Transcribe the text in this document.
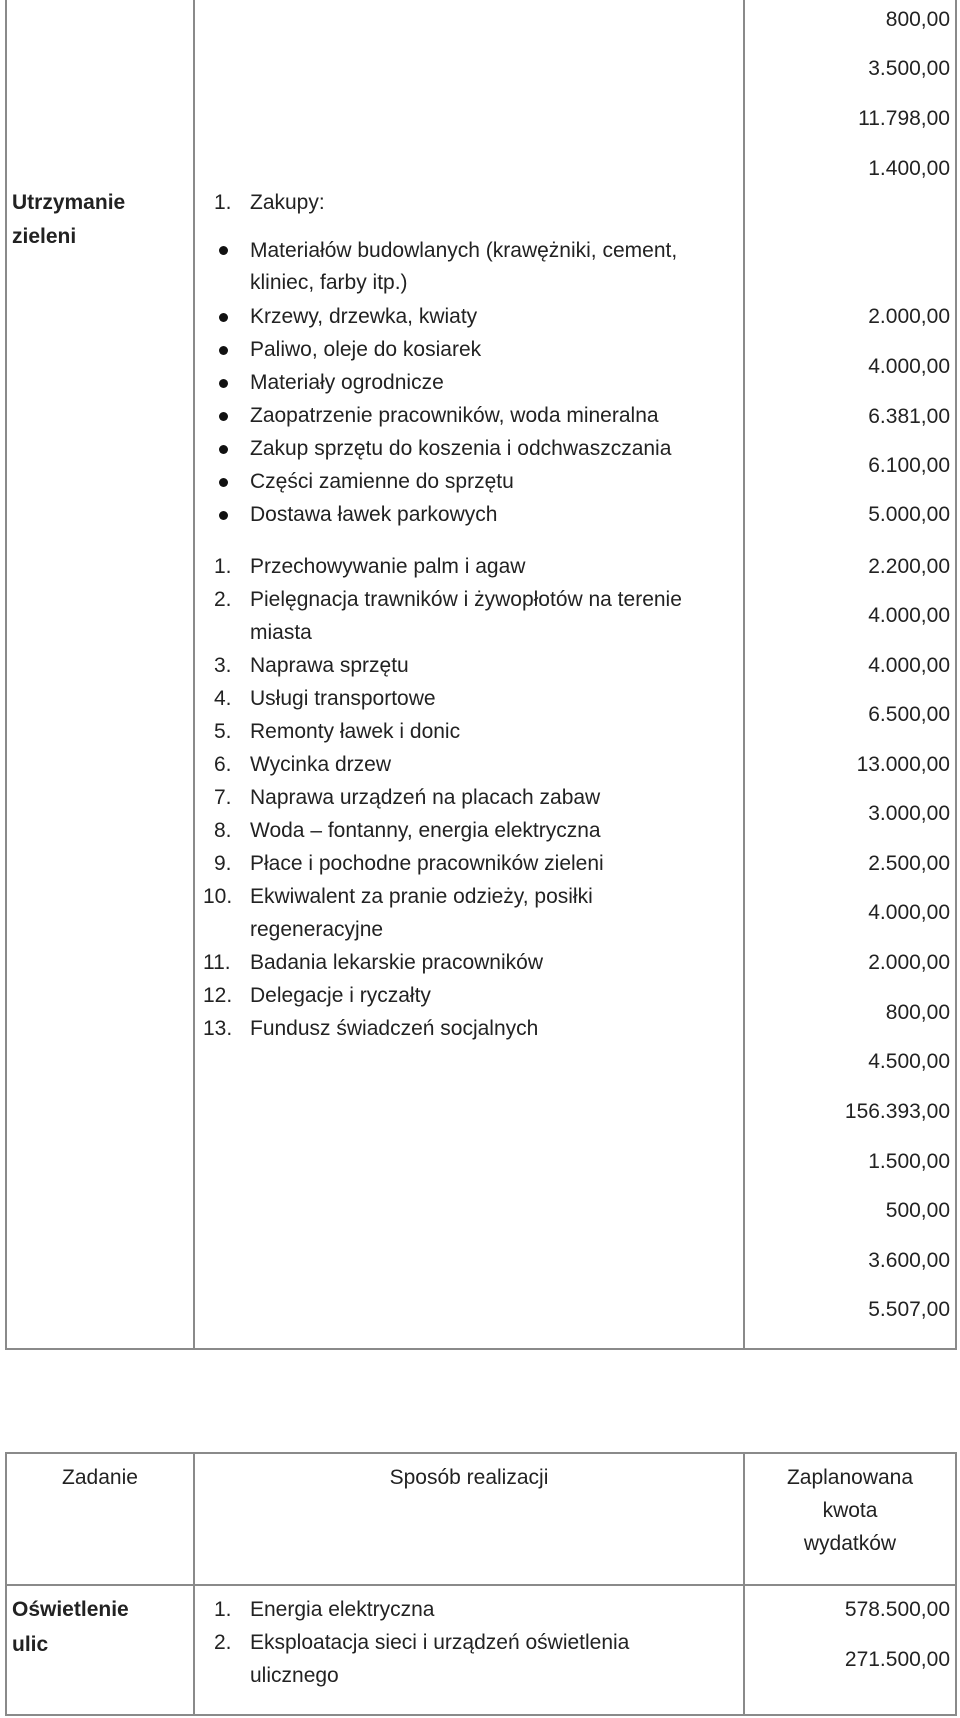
800,00
3.500,00
11.798,00
1.400,00
Utrzymanie
zieleni
1. Zakupy:
Materiałów budowlanych (krawężniki, cement,
kliniec, farby itp.)
Krzewy, drzewka, kwiaty
Paliwo, oleje do kosiarek
Materiały ogrodnicze
Zaopatrzenie pracowników, woda mineralna
Zakup sprzętu do koszenia i odchwaszczania
Części zamienne do sprzętu
Dostawa ławek parkowych
2.000,00
4.000,00
6.381,00
6.100,00
5.000,00
1. Przechowywanie palm i agaw
2. Pielęgnacja trawników i żywopłotów na terenie
miasta
3. Naprawa sprzętu
4. Usługi transportowe
5. Remonty ławek i donic
6. Wycinka drzew
7. Naprawa urządzeń na placach zabaw
8. Woda – fontanny, energia elektryczna
9. Płace i pochodne pracowników zieleni
10. Ekwiwalent za pranie odzieży, posiłki
regeneracyjne
11. Badania lekarskie pracowników
12. Delegacje i ryczałty
13. Fundusz świadczeń socjalnych
2.200,00
4.000,00
4.000,00
6.500,00
13.000,00
3.000,00
2.500,00
4.000,00
2.000,00
800,00
4.500,00
156.393,00
1.500,00
500,00
3.600,00
5.507,00
Zadanie	Sposób realizacji	Zaplanowana
kwota
wydatków
Oświetlenie
ulic
1. Energia elektryczna
2. Eksploatacja sieci i urządzeń oświetlenia
ulicznego
578.500,00
271.500,00
